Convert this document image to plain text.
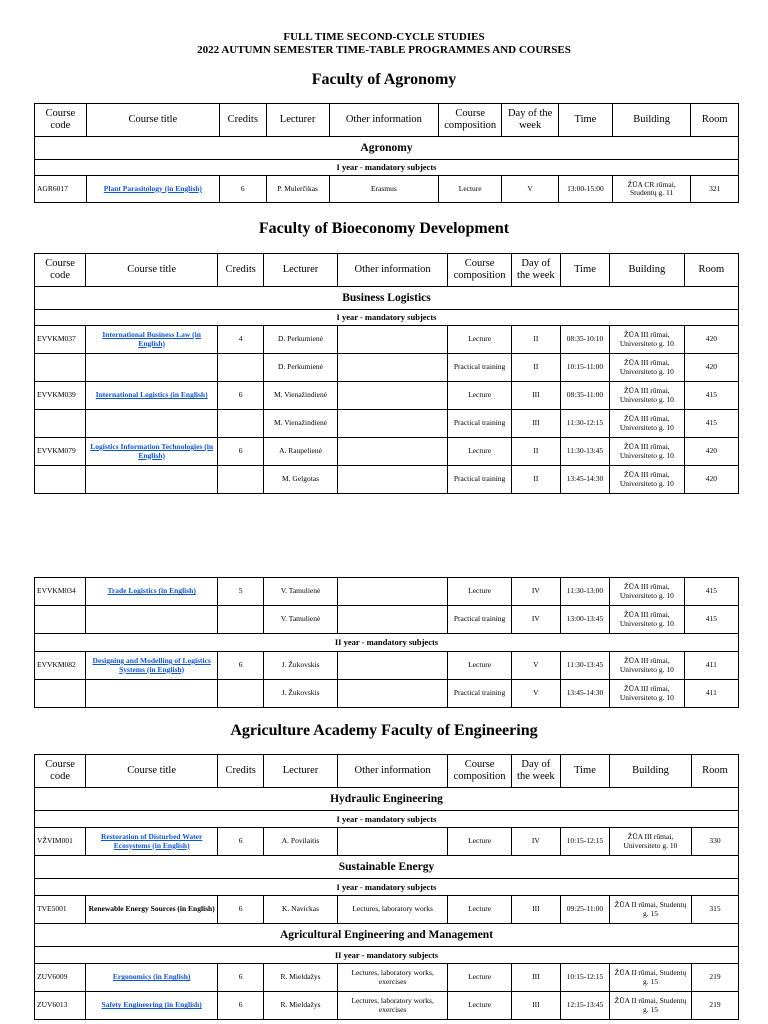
FULL TIME SECOND-CYCLE STUDIES
2022 AUTUMN SEMESTER TIME-TABLE PROGRAMMES AND COURSES
Faculty of Agronomy
Course code	Course title	Credits	Lecturer	Other information	Course composition	Day of the week	Time	Building	Room
Agronomy									
I year - mandatory subjects									
AGR6017	Plant Parasitology (in English)	6	P. Mulerčikas	Erasmus	Lecture	V	13:00-15:00	ŽŪA CR rūmai, Studentų g. 11	321
Faculty of Bioeconomy Development
Course code	Course title	Credits	Lecturer	Other information	Course composition	Day of the week	Time	Building	Room
Business Logistics									
I year - mandatory subjects									
EVVKM037	International Business Law (in English)	4	D. Perkumienė		Lecture	II	08:35-10:10	ŽŪA III rūmai, Universiteto g. 10	420
			D. Perkumienė		Practical training	II	10:15-11:00	ŽŪA III rūmai, Universiteto g. 10	420
EVVKM039	International Logistics (in English)	6	M. Vienažindienė		Lecture	III	08:35-11:00	ŽŪA III rūmai, Universiteto g. 10	415
			M. Vienažindienė		Practical training	III	11:30-12:15	ŽŪA III rūmai, Universiteto g. 10	415
EVVKM079	Logistics Information Technologies (in English)	6	A. Raupelienė		Lecture	II	11:30-13:45	ŽŪA III rūmai, Universiteto g. 10	420
			M. Gelgotas		Practical training	II	13:45-14:30	ŽŪA III rūmai, Universiteto g. 10	420
EVVKM034	Trade Logistics (in English)	5	V. Tamulienė		Lecture	IV	11:30-13:00	ŽŪA III rūmai, Universiteto g. 10	415
			V. Tamulienė		Practical training	IV	13:00-13:45	ŽŪA III rūmai, Universiteto g. 10	415
II year - mandatory subjects									
EVVKM082	Designing and Modelling of Logistics Systems (in English)	6	J. Žukovskis		Lecture	V	11:30-13:45	ŽŪA III rūmai, Universiteto g. 10	411
			J. Žukovskis		Practical training	V	13:45-14:30	ŽŪA III rūmai, Universiteto g. 10	411
Agriculture Academy Faculty of Engineering
Course code	Course title	Credits	Lecturer	Other information	Course composition	Day of the week	Time	Building	Room
Hydraulic Engineering									
I year - mandatory subjects									
VŽVIM001	Restoration of Disturbed Water Ecosystems (in English)	6	A. Povilaitis		Lecture	IV	10:15-12:15	ŽŪA III rūmai, Universiteto g. 10	330
Sustainable Energy									
I year - mandatory subjects									
TVE5001	Renewable Energy Sources (in English)	6	K. Navickas	Lectures, laboratory works	Lecture	III	09:25-11:00	ŽŪA II rūmai, Studentų g. 15	315
Agricultural Engineering and Management									
II year - mandatory subjects									
ZUV6009	Ergonomics (in English)	6	R. Mieldažys	Lectures, laboratory works, exercises	Lecture	III	10:15-12:15	ŽŪA II rūmai, Studentų g. 15	219
ZUV6013	Safety Engineering (in English)	6	R. Mieldažys	Lectures, laboratory works, exercises	Lecture	III	12:15-13:45	ŽŪA II rūmai, Studentų g. 15	219
